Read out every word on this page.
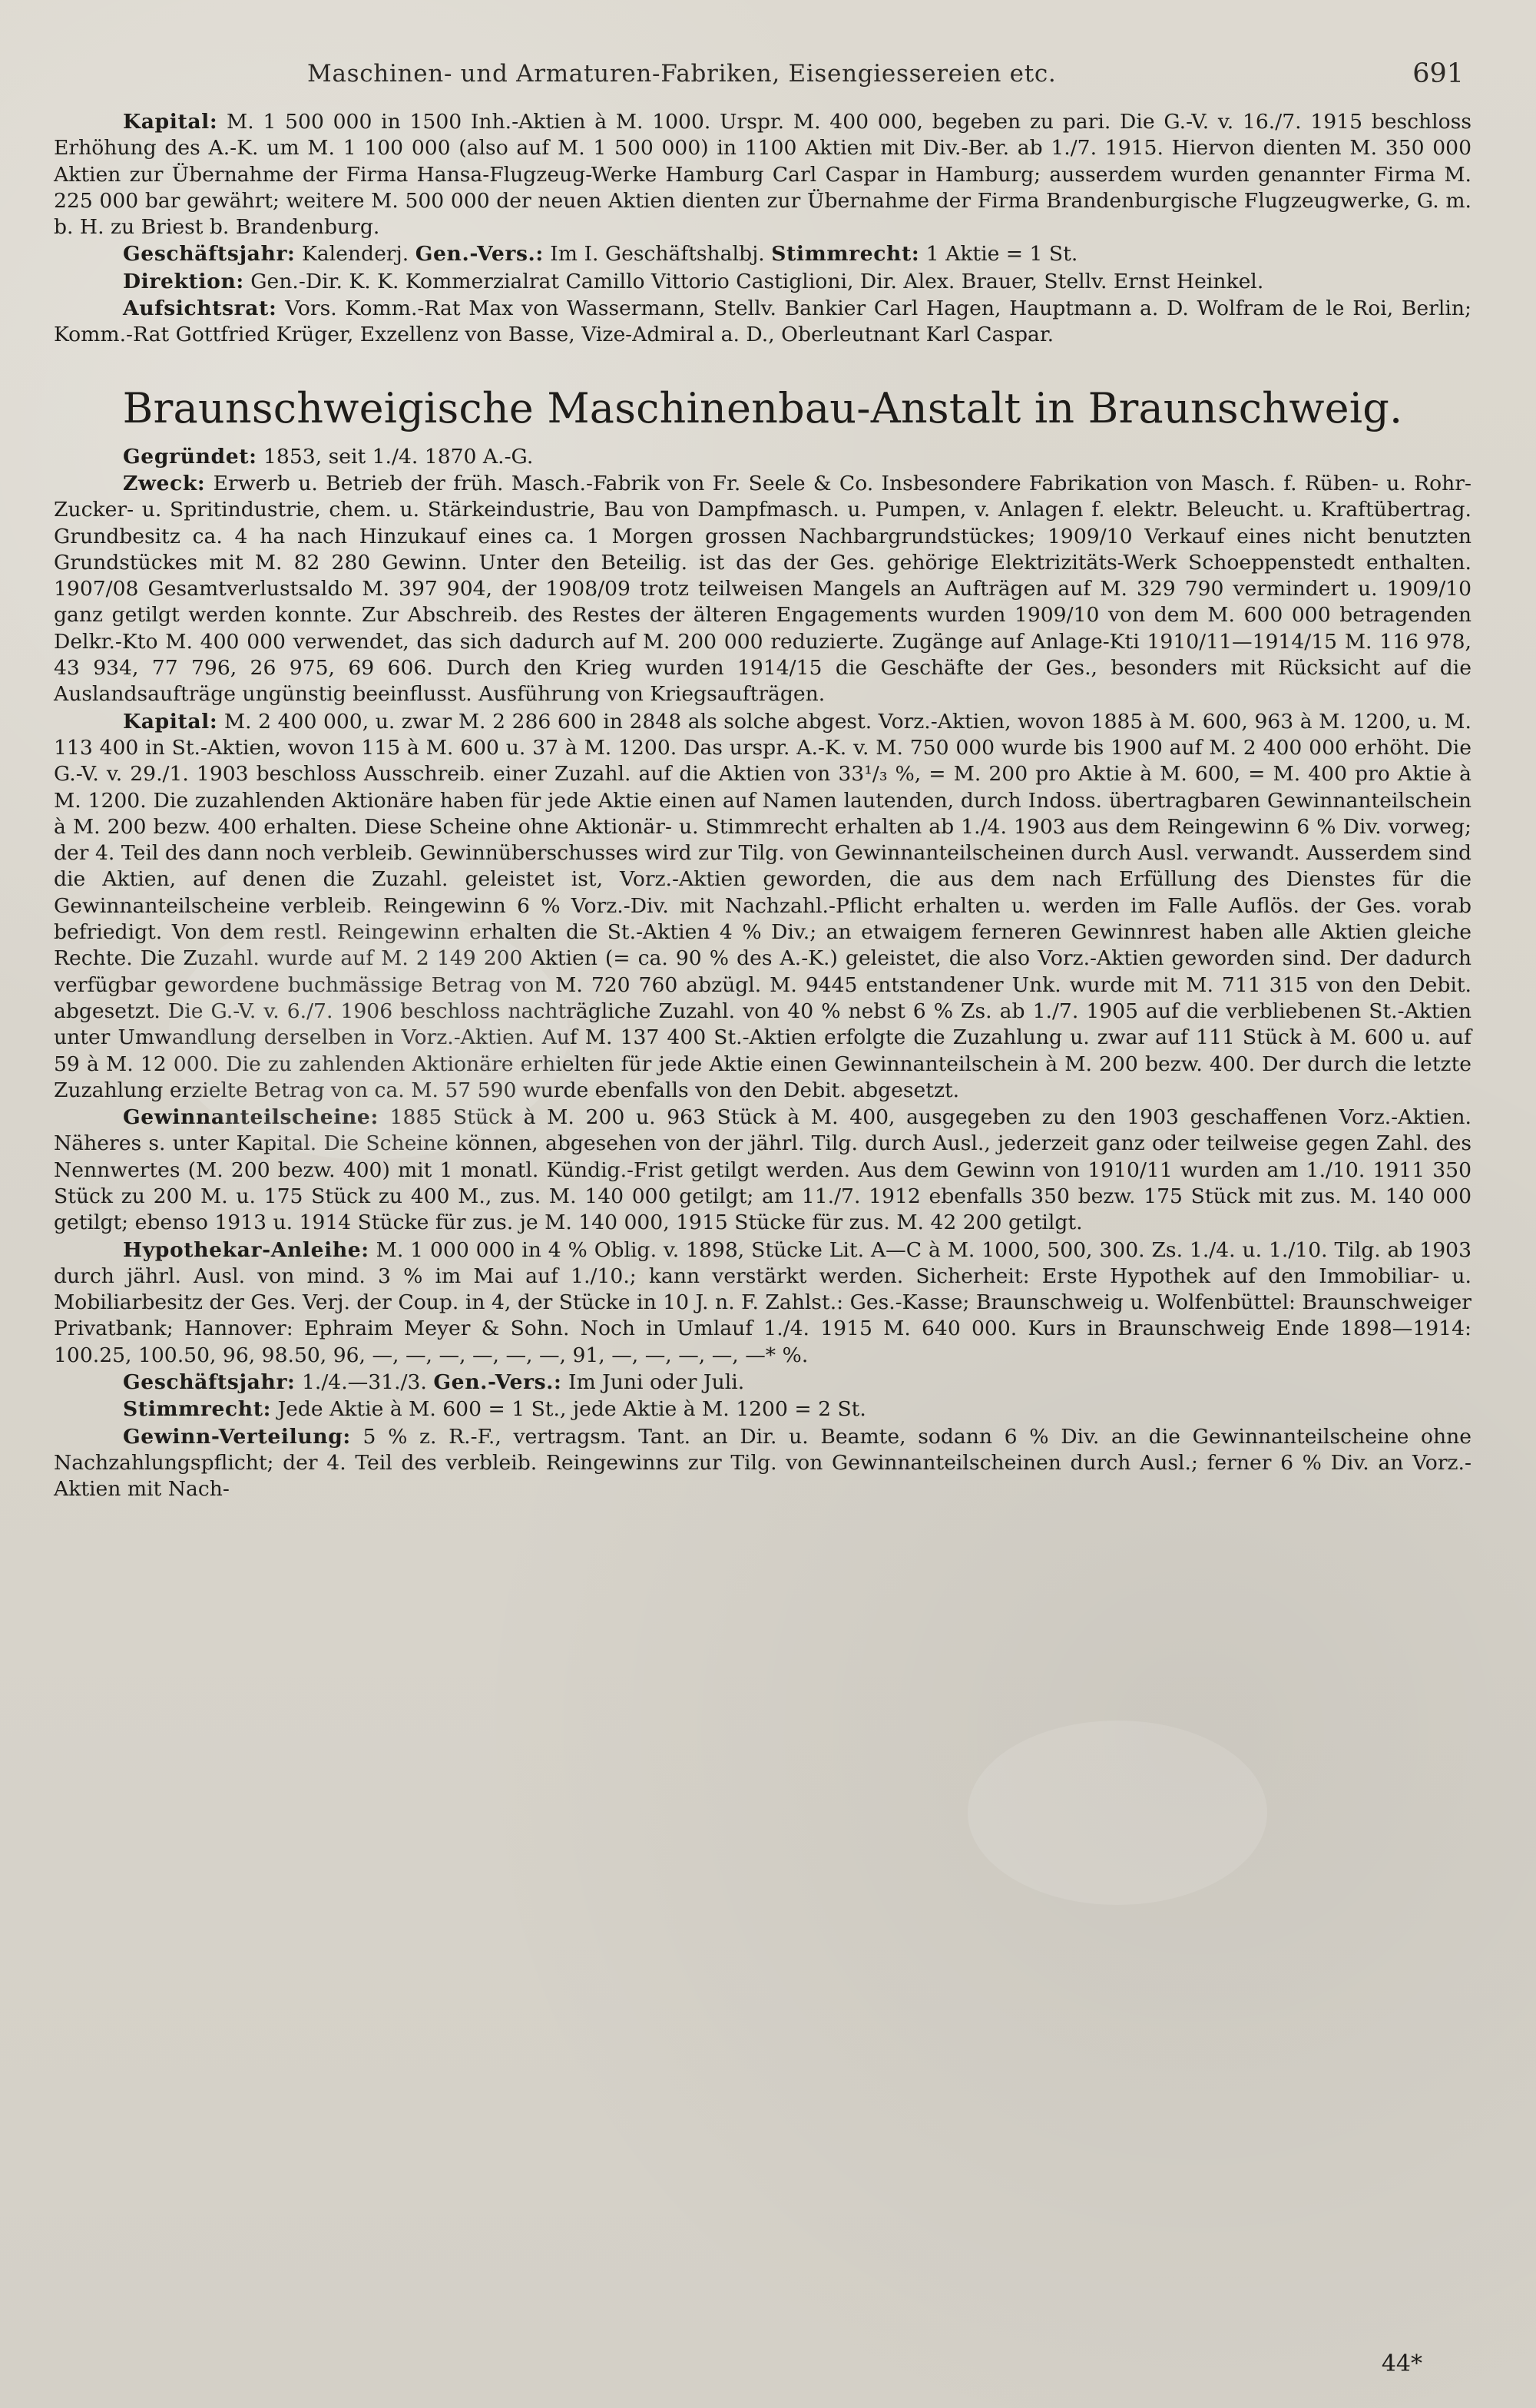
Maschinen- und Armaturen-Fabriken, Eisengiessereien etc.	691

Kapital: M. 1 500 000 in 1500 Inh.-Aktien à M. 1000. Urspr. M. 400 000, begeben zu pari. Die G.-V. v. 16./7. 1915 beschloss Erhöhung des A.-K. um M. 1 100 000 (also auf M. 1 500 000) in 1100 Aktien mit Div.-Ber. ab 1./7. 1915. Hiervon dienten M. 350 000 Aktien zur Übernahme der Firma Hansa-Flugzeug-Werke Hamburg Carl Caspar in Hamburg; ausserdem wurden genannter Firma M. 225 000 bar gewährt; weitere M. 500 000 der neuen Aktien dienten zur Übernahme der Firma Brandenburgische Flugzeugwerke, G. m. b. H. zu Briest b. Brandenburg.

Geschäftsjahr: Kalenderj. Gen.-Vers.: Im I. Geschäftshalbj. Stimmrecht: 1 Aktie = 1 St.

Direktion: Gen.-Dir. K. K. Kommerzialrat Camillo Vittorio Castiglioni, Dir. Alex. Brauer, Stellv. Ernst Heinkel.

Aufsichtsrat: Vors. Komm.-Rat Max von Wassermann, Stellv. Bankier Carl Hagen, Hauptmann a. D. Wolfram de le Roi, Berlin; Komm.-Rat Gottfried Krüger, Exzellenz von Basse, Vize-Admiral a. D., Oberleutnant Karl Caspar.

Braunschweigische Maschinenbau-Anstalt in Braunschweig.

Gegründet: 1853, seit 1./4. 1870 A.-G.

Zweck: Erwerb u. Betrieb der früh. Masch.-Fabrik von Fr. Seele & Co. Insbesondere Fabrikation von Masch. f. Rüben- u. Rohr-Zucker- u. Spritindustrie, chem. u. Stärkeindustrie, Bau von Dampfmasch. u. Pumpen, v. Anlagen f. elektr. Beleucht. u. Kraftübertrag. Grundbesitz ca. 4 ha nach Hinzukauf eines ca. 1 Morgen grossen Nachbargrundstückes; 1909/10 Verkauf eines nicht benutzten Grundstückes mit M. 82 280 Gewinn. Unter den Beteilig. ist das der Ges. gehörige Elektrizitäts-Werk Schoeppenstedt enthalten. 1907/08 Gesamtverlustsaldo M. 397 904, der 1908/09 trotz teilweisen Mangels an Aufträgen auf M. 329 790 vermindert u. 1909/10 ganz getilgt werden konnte. Zur Abschreib. des Restes der älteren Engagements wurden 1909/10 von dem M. 600 000 betragenden Delkr.-Kto M. 400 000 verwendet, das sich dadurch auf M. 200 000 reduzierte. Zugänge auf Anlage-Kti 1910/11—1914/15 M. 116 978, 43 934, 77 796, 26 975, 69 606. Durch den Krieg wurden 1914/15 die Geschäfte der Ges., besonders mit Rücksicht auf die Auslandsaufträge ungünstig beeinflusst. Ausführung von Kriegsaufträgen.

Kapital: M. 2 400 000, u. zwar M. 2 286 600 in 2848 als solche abgest. Vorz.-Aktien, wovon 1885 à M. 600, 963 à M. 1200, u. M. 113 400 in St.-Aktien, wovon 115 à M. 600 u. 37 à M. 1200. Das urspr. A.-K. v. M. 750 000 wurde bis 1900 auf M. 2 400 000 erhöht. Die G.-V. v. 29./1. 1903 beschloss Ausschreib. einer Zuzahl. auf die Aktien von 33¹/₃ %, = M. 200 pro Aktie à M. 600, = M. 400 pro Aktie à M. 1200. Die zuzahlenden Aktionäre haben für jede Aktie einen auf Namen lautenden, durch Indoss. übertragbaren Gewinnanteilschein à M. 200 bezw. 400 erhalten. Diese Scheine ohne Aktionär- u. Stimmrecht erhalten ab 1./4. 1903 aus dem Reingewinn 6 % Div. vorweg; der 4. Teil des dann noch verbleib. Gewinnüberschusses wird zur Tilg. von Gewinnanteilscheinen durch Ausl. verwandt. Ausserdem sind die Aktien, auf denen die Zuzahl. geleistet ist, Vorz.-Aktien geworden, die aus dem nach Erfüllung des Dienstes für die Gewinnanteilscheine verbleib. Reingewinn 6 % Vorz.-Div. mit Nachzahl.-Pflicht erhalten u. werden im Falle Auflös. der Ges. vorab befriedigt. Von dem restl. Reingewinn erhalten die St.-Aktien 4 % Div.; an etwaigem ferneren Gewinnrest haben alle Aktien gleiche Rechte. Die Zuzahl. wurde auf M. 2 149 200 Aktien (= ca. 90 % des A.-K.) geleistet, die also Vorz.-Aktien geworden sind. Der dadurch verfügbar gewordene buchmässige Betrag von M. 720 760 abzügl. M. 9445 entstandener Unk. wurde mit M. 711 315 von den Debit. abgesetzt. Die G.-V. v. 6./7. 1906 beschloss nachträgliche Zuzahl. von 40 % nebst 6 % Zs. ab 1./7. 1905 auf die verbliebenen St.-Aktien unter Umwandlung derselben in Vorz.-Aktien. Auf M. 137 400 St.-Aktien erfolgte die Zuzahlung u. zwar auf 111 Stück à M. 600 u. auf 59 à M. 12 000. Die zu zahlenden Aktionäre erhielten für jede Aktie einen Gewinnanteilschein à M. 200 bezw. 400. Der durch die letzte Zuzahlung erzielte Betrag von ca. M. 57 590 wurde ebenfalls von den Debit. abgesetzt.

Gewinnanteilscheine: 1885 Stück à M. 200 u. 963 Stück à M. 400, ausgegeben zu den 1903 geschaffenen Vorz.-Aktien. Näheres s. unter Kapital. Die Scheine können, abgesehen von der jährl. Tilg. durch Ausl., jederzeit ganz oder teilweise gegen Zahl. des Nennwertes (M. 200 bezw. 400) mit 1 monatl. Kündig.-Frist getilgt werden. Aus dem Gewinn von 1910/11 wurden am 1./10. 1911 350 Stück zu 200 M. u. 175 Stück zu 400 M., zus. M. 140 000 getilgt; am 11./7. 1912 ebenfalls 350 bezw. 175 Stück mit zus. M. 140 000 getilgt; ebenso 1913 u. 1914 Stücke für zus. je M. 140 000, 1915 Stücke für zus. M. 42 200 getilgt.

Hypothekar-Anleihe: M. 1 000 000 in 4 % Oblig. v. 1898, Stücke Lit. A—C à M. 1000, 500, 300. Zs. 1./4. u. 1./10. Tilg. ab 1903 durch jährl. Ausl. von mind. 3 % im Mai auf 1./10.; kann verstärkt werden. Sicherheit: Erste Hypothek auf den Immobiliar- u. Mobiliarbesitz der Ges. Verj. der Coup. in 4, der Stücke in 10 J. n. F. Zahlst.: Ges.-Kasse; Braunschweig u. Wolfenbüttel: Braunschweiger Privatbank; Hannover: Ephraim Meyer & Sohn. Noch in Umlauf 1./4. 1915 M. 640 000. Kurs in Braunschweig Ende 1898—1914: 100.25, 100.50, 96, 98.50, 96, —, —, —, —, —, —, 91, —, —, —, —, —* %.

Geschäftsjahr: 1./4.—31./3. Gen.-Vers.: Im Juni oder Juli.

Stimmrecht: Jede Aktie à M. 600 = 1 St., jede Aktie à M. 1200 = 2 St.

Gewinn-Verteilung: 5 % z. R.-F., vertragsm. Tant. an Dir. u. Beamte, sodann 6 % Div. an die Gewinnanteilscheine ohne Nachzahlungspflicht; der 4. Teil des verbleib. Reingewinns zur Tilg. von Gewinnanteilscheinen durch Ausl.; ferner 6 % Div. an Vorz.-Aktien mit Nach-

44*
